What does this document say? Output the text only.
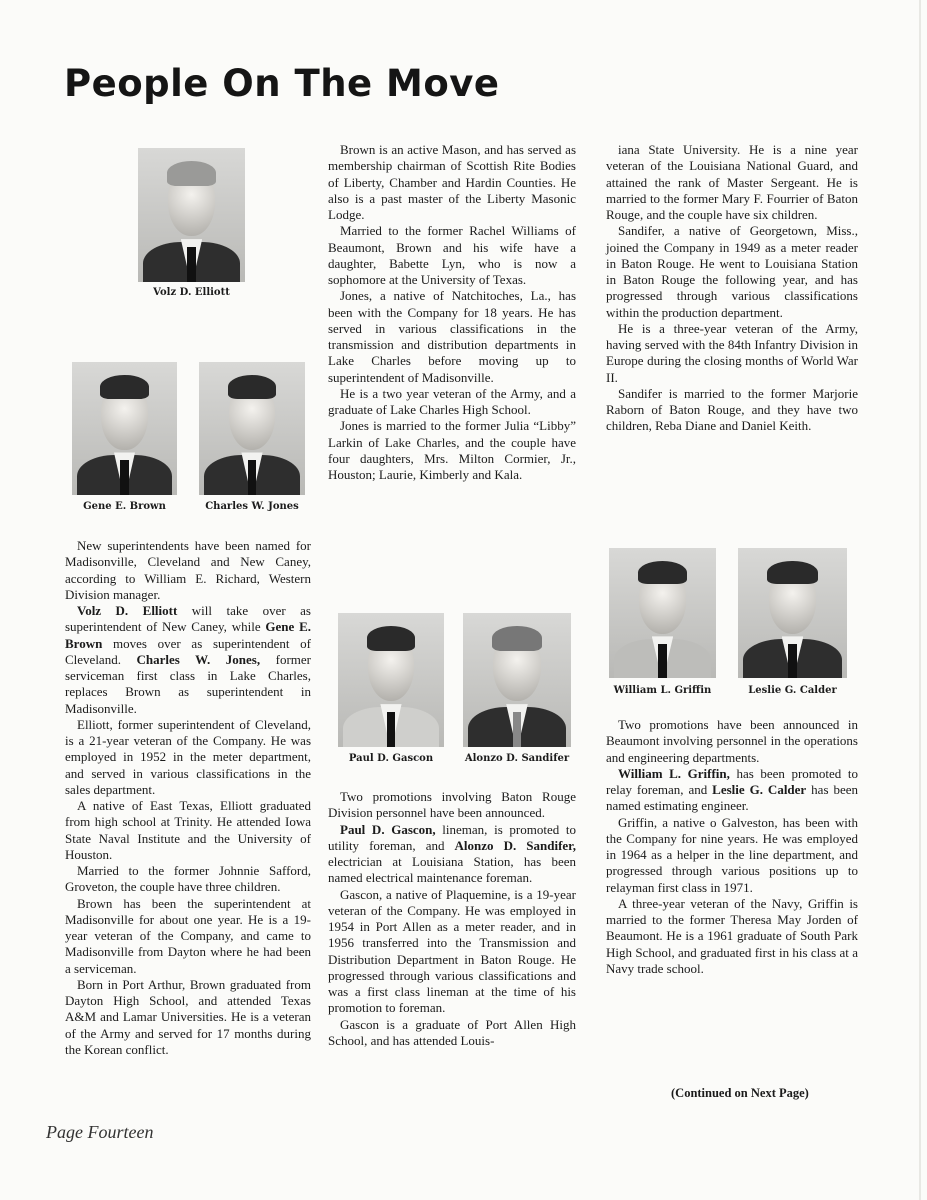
People On The Move
Volz D. Elliott
Gene E. Brown	Charles W. Jones

New superintendents have been named for Madisonville, Cleveland and New Caney, according to William E. Richard, Western Division manager.

Volz D. Elliott will take over as superintendent of New Caney, while Gene E. Brown moves over as superintendent of Cleveland. Charles W. Jones, former serviceman first class in Lake Charles, replaces Brown as superintendent in Madisonville.

Elliott, former superintendent of Cleveland, is a 21-year veteran of the Company. He was employed in 1952 in the meter department, and served in various classifications in the sales department.

A native of East Texas, Elliott graduated from high school at Trinity. He attended Iowa State Naval Institute and the University of Houston.

Married to the former Johnnie Safford, Groveton, the couple have three children.

Brown has been the superintendent at Madisonville for about one year. He is a 19-year veteran of the Company, and came to Madisonville from Dayton where he had been a serviceman.

Born in Port Arthur, Brown graduated from Dayton High School, and attended Texas A&M and Lamar Universities. He is a veteran of the Army and served for 17 months during the Korean conflict.

Brown is an active Mason, and has served as membership chairman of Scottish Rite Bodies of Liberty, Chamber and Hardin Counties. He also is a past master of the Liberty Masonic Lodge.

Married to the former Rachel Williams of Beaumont, Brown and his wife have a daughter, Babette Lyn, who is now a sophomore at the University of Texas.

Jones, a native of Natchitoches, La., has been with the Company for 18 years. He has served in various classifications in the transmission and distribution departments in Lake Charles before moving up to superintendent of Madisonville.

He is a two year veteran of the Army, and a graduate of Lake Charles High School.

Jones is married to the former Julia “Libby” Larkin of Lake Charles, and the couple have four daughters, Mrs. Milton Cormier, Jr., Houston; Laurie, Kimberly and Kala.

Paul D. Gascon	Alonzo D. Sandifer

Two promotions involving Baton Rouge Division personnel have been announced.

Paul D. Gascon, lineman, is promoted to utility foreman, and Alonzo D. Sandifer, electrician at Louisiana Station, has been named electrical maintenance foreman.

Gascon, a native of Plaquemine, is a 19-year veteran of the Company. He was employed in 1954 in Port Allen as a meter reader, and in 1956 transferred into the Transmission and Distribution Department in Baton Rouge. He progressed through various classifications and was a first class lineman at the time of his promotion to foreman.

Gascon is a graduate of Port Allen High School, and has attended Louis-

iana State University. He is a nine year veteran of the Louisiana National Guard, and attained the rank of Master Sergeant. He is married to the former Mary F. Fourrier of Baton Rouge, and the couple have six children.

Sandifer, a native of Georgetown, Miss., joined the Company in 1949 as a meter reader in Baton Rouge. He went to Louisiana Station in Baton Rouge the following year, and has progressed through various classifications within the production department.

He is a three-year veteran of the Army, having served with the 84th Infantry Division in Europe during the closing months of World War II.

Sandifer is married to the former Marjorie Raborn of Baton Rouge, and they have two children, Reba Diane and Daniel Keith.

William L. Griffin	Leslie G. Calder

Two promotions have been announced in Beaumont involving personnel in the operations and engineering departments.

William L. Griffin, has been promoted to relay foreman, and Leslie G. Calder has been named estimating engineer.

Griffin, a native o Galveston, has been with the Company for nine years. He was employed in 1964 as a helper in the line department, and progressed through various positions up to relayman first class in 1971.

A three-year veteran of the Navy, Griffin is married to the former Theresa May Jorden of Beaumont. He is a 1961 graduate of South Park High School, and graduated first in his class at a Navy trade school.

(Continued on Next Page)
Page Fourteen
